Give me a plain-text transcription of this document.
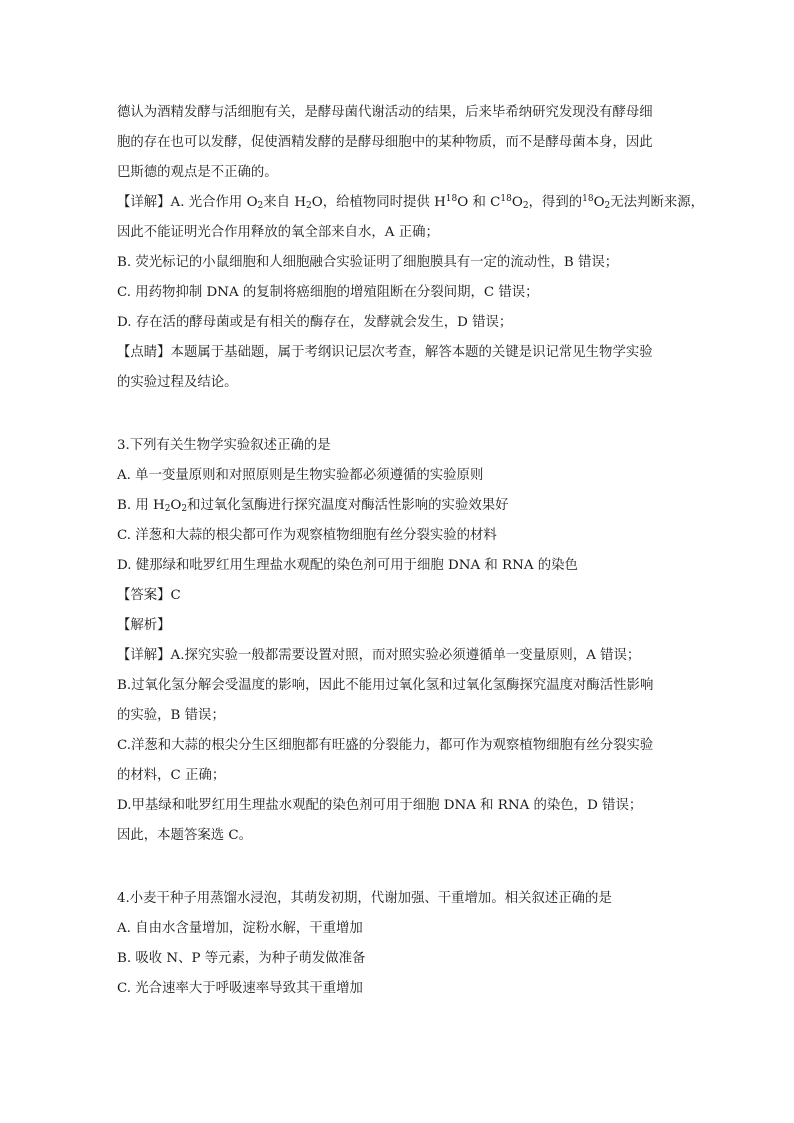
德认为酒精发酵与活细胞有关，是酵母菌代谢活动的结果，后来毕希纳研究发现没有酵母细
胞的存在也可以发酵，促使酒精发酵的是酵母细胞中的某种物质，而不是酵母菌本身，因此
巴斯德的观点是不正确的。
【详解】A. 光合作用 $O_2$来自 $H_2O$，给植物同时提供 $H^{18}O$ 和 $C^{18}O_2$，得到的$^{18}O_2$无法判断来源，
因此不能证明光合作用释放的氧全部来自水，A 正确；
B. 荧光标记的小鼠细胞和人细胞融合实验证明了细胞膜具有一定的流动性，B 错误；
C. 用药物抑制 DNA 的复制将癌细胞的增殖阻断在分裂间期，C 错误；
D. 存在活的酵母菌或是有相关的酶存在，发酵就会发生，D 错误；
【点睛】本题属于基础题，属于考纲识记层次考查，解答本题的关键是识记常见生物学实验
的实验过程及结论。
3.下列有关生物学实验叙述正确的是
A. 单一变量原则和对照原则是生物实验都必须遵循的实验原则
B. 用 $H_2O_2$和过氧化氢酶进行探究温度对酶活性影响的实验效果好
C. 洋葱和大蒜的根尖都可作为观察植物细胞有丝分裂实验的材料
D. 健那绿和吡罗红用生理盐水观配的染色剂可用于细胞 DNA 和 RNA 的染色
【答案】C
【解析】
【详解】A.探究实验一般都需要设置对照，而对照实验必须遵循单一变量原则，A 错误；
B.过氧化氢分解会受温度的影响，因此不能用过氧化氢和过氧化氢酶探究温度对酶活性影响
的实验，B 错误；
C.洋葱和大蒜的根尖分生区细胞都有旺盛的分裂能力，都可作为观察植物细胞有丝分裂实验
的材料，C 正确；
D.甲基绿和吡罗红用生理盐水观配的染色剂可用于细胞 DNA 和 RNA 的染色，D 错误；
因此，本题答案选 C。
4.小麦干种子用蒸馏水浸泡，其萌发初期，代谢加强、干重增加。相关叙述正确的是
A. 自由水含量增加，淀粉水解，干重增加
B. 吸收 N、P 等元素，为种子萌发做准备
C. 光合速率大于呼吸速率导致其干重增加
